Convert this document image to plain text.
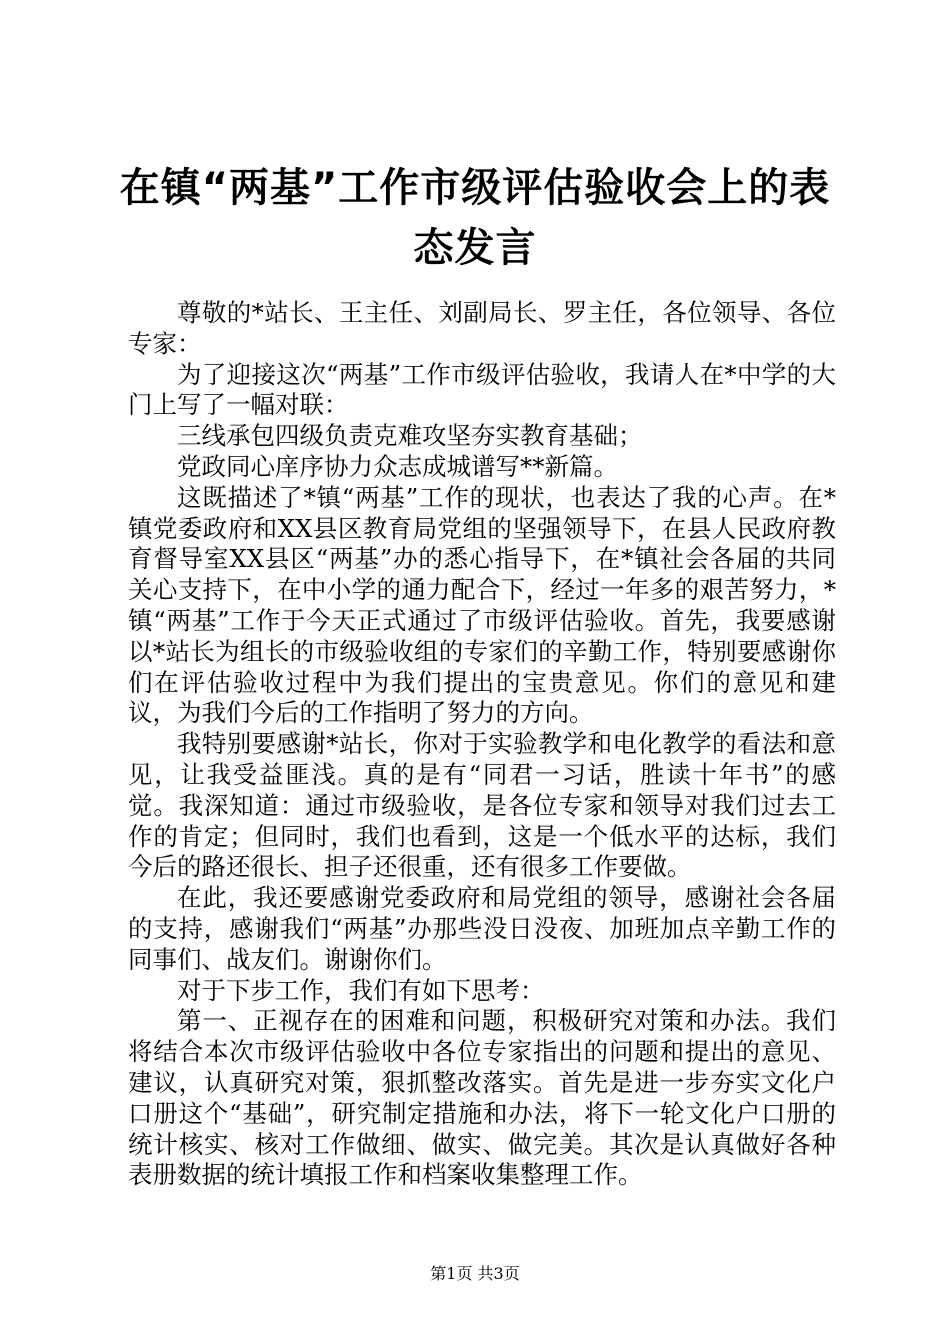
在镇“两基”工作市级评估验收会上的表态发言

尊敬的*站长、王主任、刘副局长、罗主任，各位领导、各位专家：

为了迎接这次“两基”工作市级评估验收，我请人在*中学的大门上写了一幅对联：

三线承包四级负责克难攻坚夯实教育基础；

党政同心庠序协力众志成城谱写**新篇。

这既描述了*镇“两基”工作的现状，也表达了我的心声。在*镇党委政府和XX县区教育局党组的坚强领导下，在县人民政府教育督导室XX县区“两基”办的悉心指导下，在*镇社会各届的共同关心支持下，在中小学的通力配合下，经过一年多的艰苦努力，*镇“两基”工作于今天正式通过了市级评估验收。首先，我要感谢以*站长为组长的市级验收组的专家们的辛勤工作，特别要感谢你们在评估验收过程中为我们提出的宝贵意见。你们的意见和建议，为我们今后的工作指明了努力的方向。

我特别要感谢*站长，你对于实验教学和电化教学的看法和意见，让我受益匪浅。真的是有“同君一习话，胜读十年书”的感觉。我深知道：通过市级验收，是各位专家和领导对我们过去工作的肯定；但同时，我们也看到，这是一个低水平的达标，我们今后的路还很长、担子还很重，还有很多工作要做。

在此，我还要感谢党委政府和局党组的领导，感谢社会各届的支持，感谢我们“两基”办那些没日没夜、加班加点辛勤工作的同事们、战友们。谢谢你们。

对于下步工作，我们有如下思考：

第一、正视存在的困难和问题，积极研究对策和办法。我们将结合本次市级评估验收中各位专家指出的问题和提出的意见、建议，认真研究对策，狠抓整改落实。首先是进一步夯实文化户口册这个“基础”，研究制定措施和办法，将下一轮文化户口册的统计核实、核对工作做细、做实、做完美。其次是认真做好各种表册数据的统计填报工作和档案收集整理工作。

第1页 共3页
